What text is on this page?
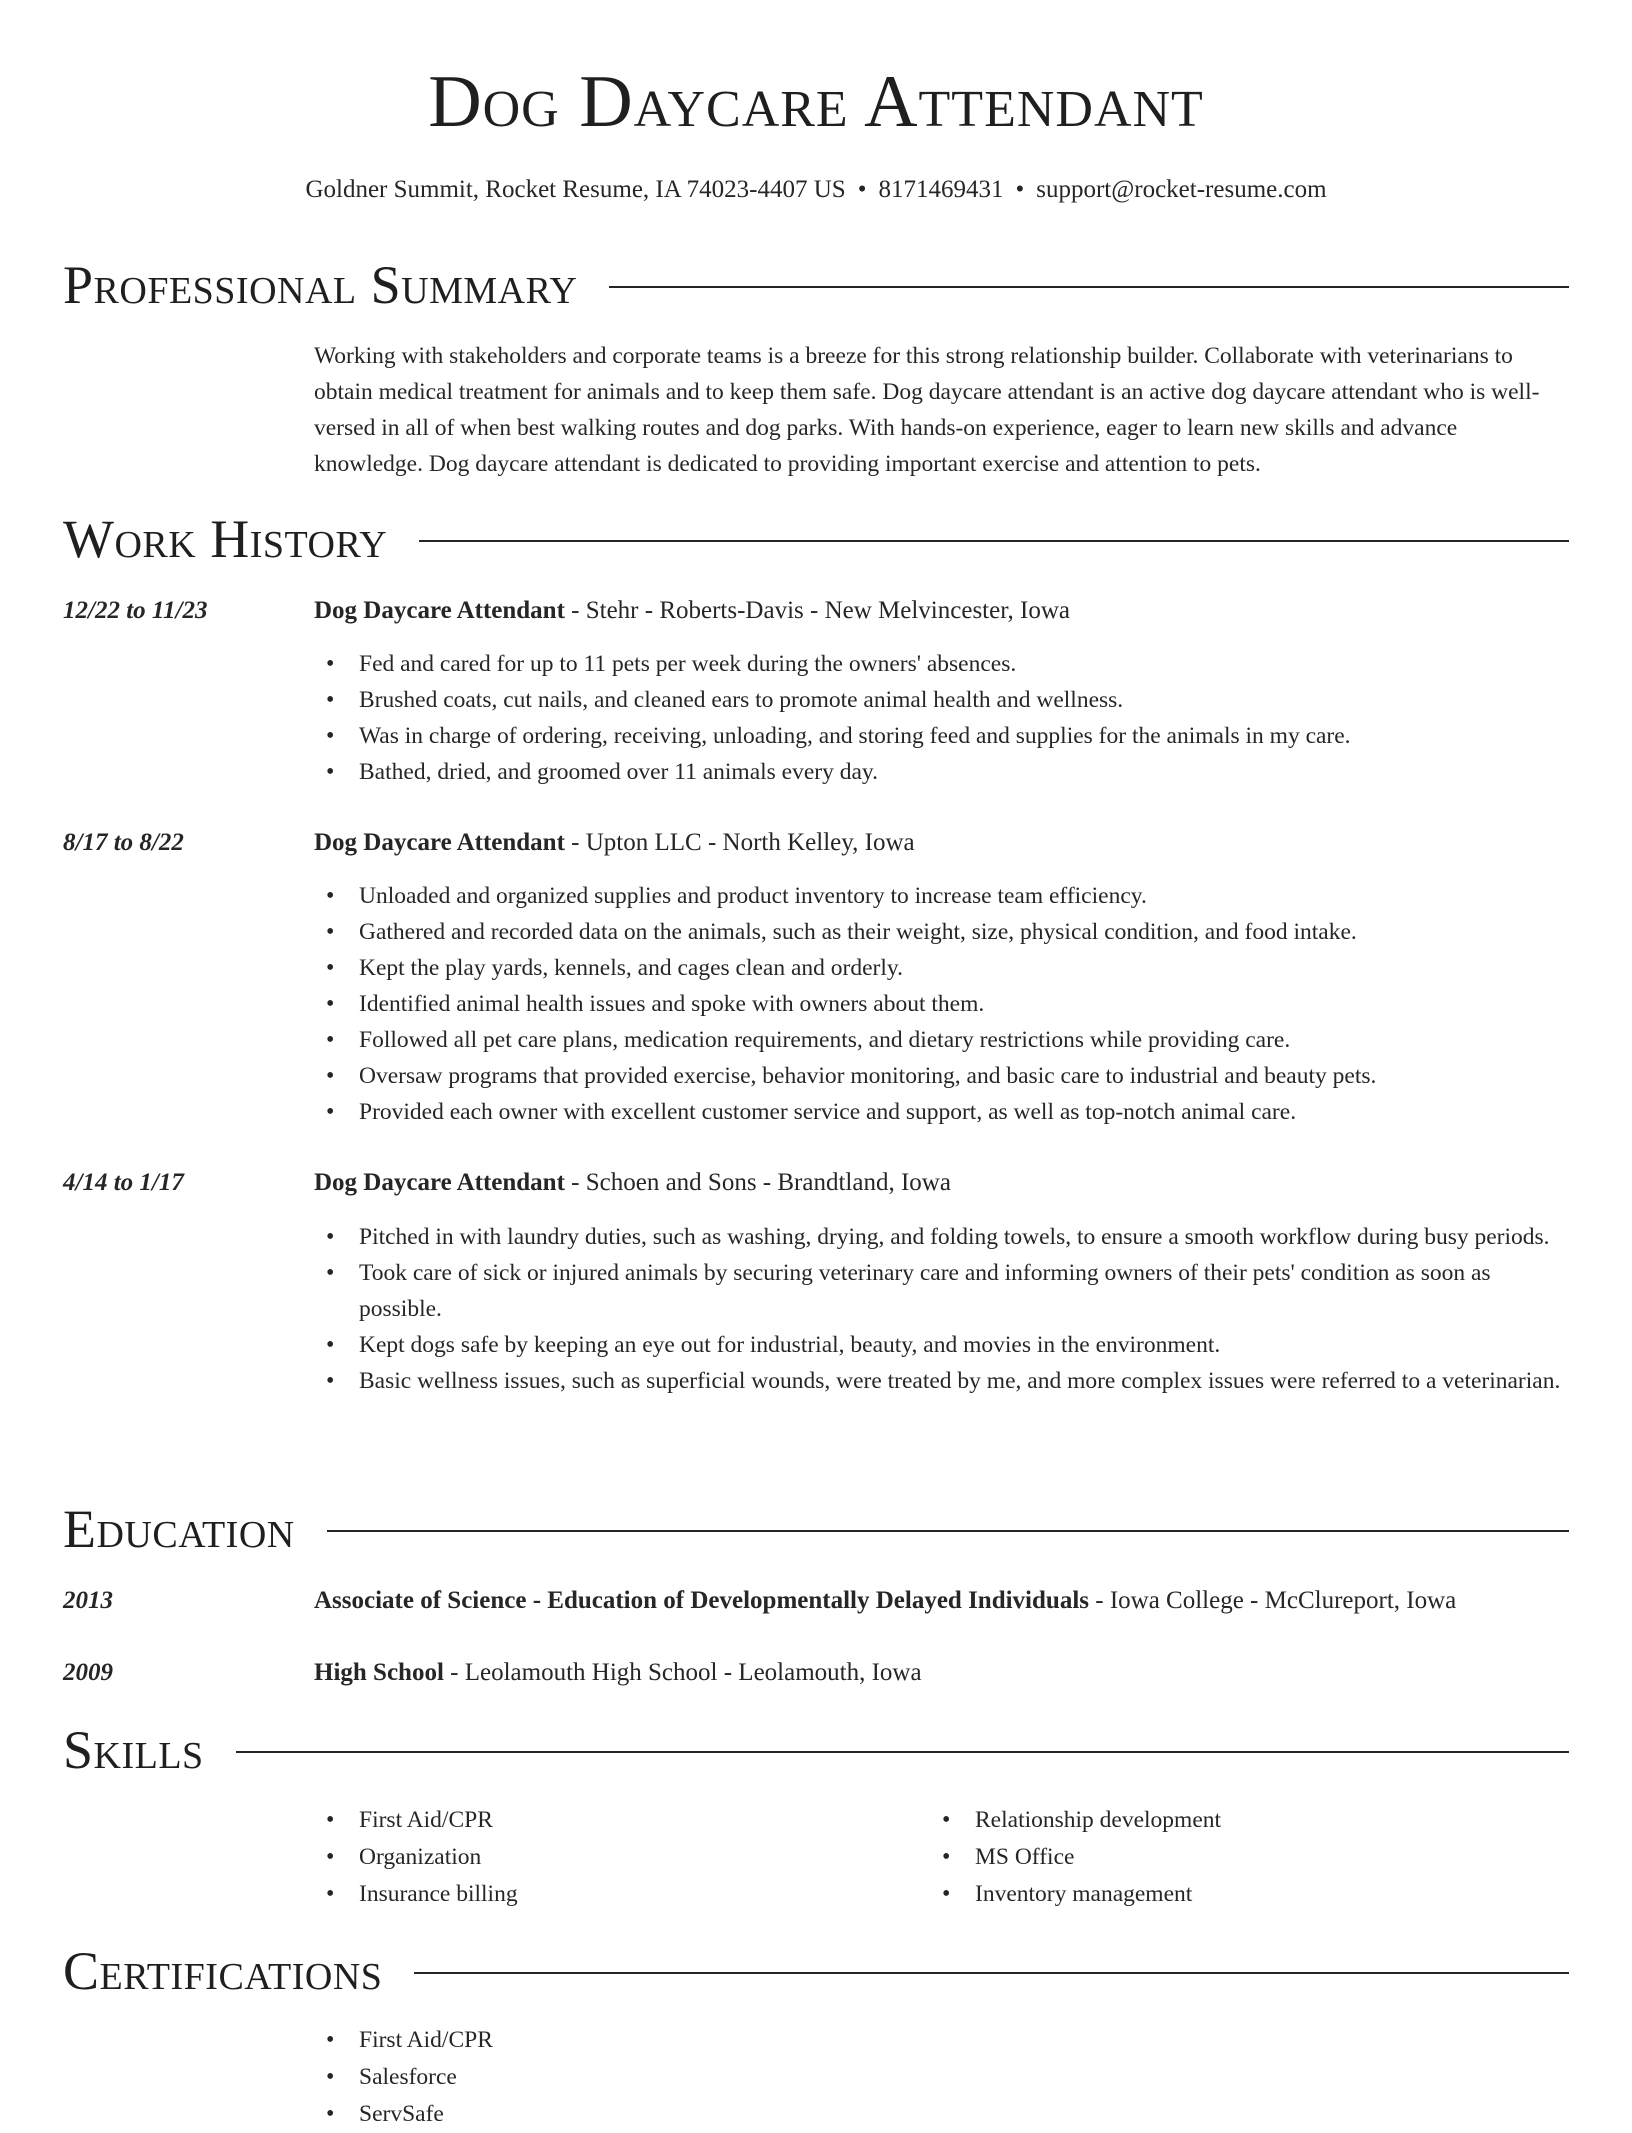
Dog Daycare Attendant
Goldner Summit, Rocket Resume, IA 74023-4407 US • 8171469431 • support@rocket-resume.com
Professional Summary

Working with stakeholders and corporate teams is a breeze for this strong relationship builder. Collaborate with veterinarians to obtain medical treatment for animals and to keep them safe. Dog daycare attendant is an active dog daycare attendant who is well-versed in all of when best walking routes and dog parks. With hands-on experience, eager to learn new skills and advance knowledge. Dog daycare attendant is dedicated to providing important exercise and attention to pets.

Work History
12/22 to 11/23	Dog Daycare Attendant - Stehr - Roberts-Davis - New Melvincester, Iowa
• Fed and cared for up to 11 pets per week during the owners' absences.
• Brushed coats, cut nails, and cleaned ears to promote animal health and wellness.
• Was in charge of ordering, receiving, unloading, and storing feed and supplies for the animals in my care.
• Bathed, dried, and groomed over 11 animals every day.
8/17 to 8/22	Dog Daycare Attendant - Upton LLC - North Kelley, Iowa
• Unloaded and organized supplies and product inventory to increase team efficiency.
• Gathered and recorded data on the animals, such as their weight, size, physical condition, and food intake.
• Kept the play yards, kennels, and cages clean and orderly.
• Identified animal health issues and spoke with owners about them.
• Followed all pet care plans, medication requirements, and dietary restrictions while providing care.
• Oversaw programs that provided exercise, behavior monitoring, and basic care to industrial and beauty pets.
• Provided each owner with excellent customer service and support, as well as top-notch animal care.
4/14 to 1/17	Dog Daycare Attendant - Schoen and Sons - Brandtland, Iowa
• Pitched in with laundry duties, such as washing, drying, and folding towels, to ensure a smooth workflow during busy periods.
• Took care of sick or injured animals by securing veterinary care and informing owners of their pets' condition as soon as possible.
• Kept dogs safe by keeping an eye out for industrial, beauty, and movies in the environment.
• Basic wellness issues, such as superficial wounds, were treated by me, and more complex issues were referred to a veterinarian.
Education
2013	Associate of Science - Education of Developmentally Delayed Individuals - Iowa College - McClureport, Iowa
2009	High School - Leolamouth High School - Leolamouth, Iowa
Skills
• First Aid/CPR
• Organization
• Insurance billing
• Relationship development
• MS Office
• Inventory management
Certifications
• First Aid/CPR
• Salesforce
• ServSafe
